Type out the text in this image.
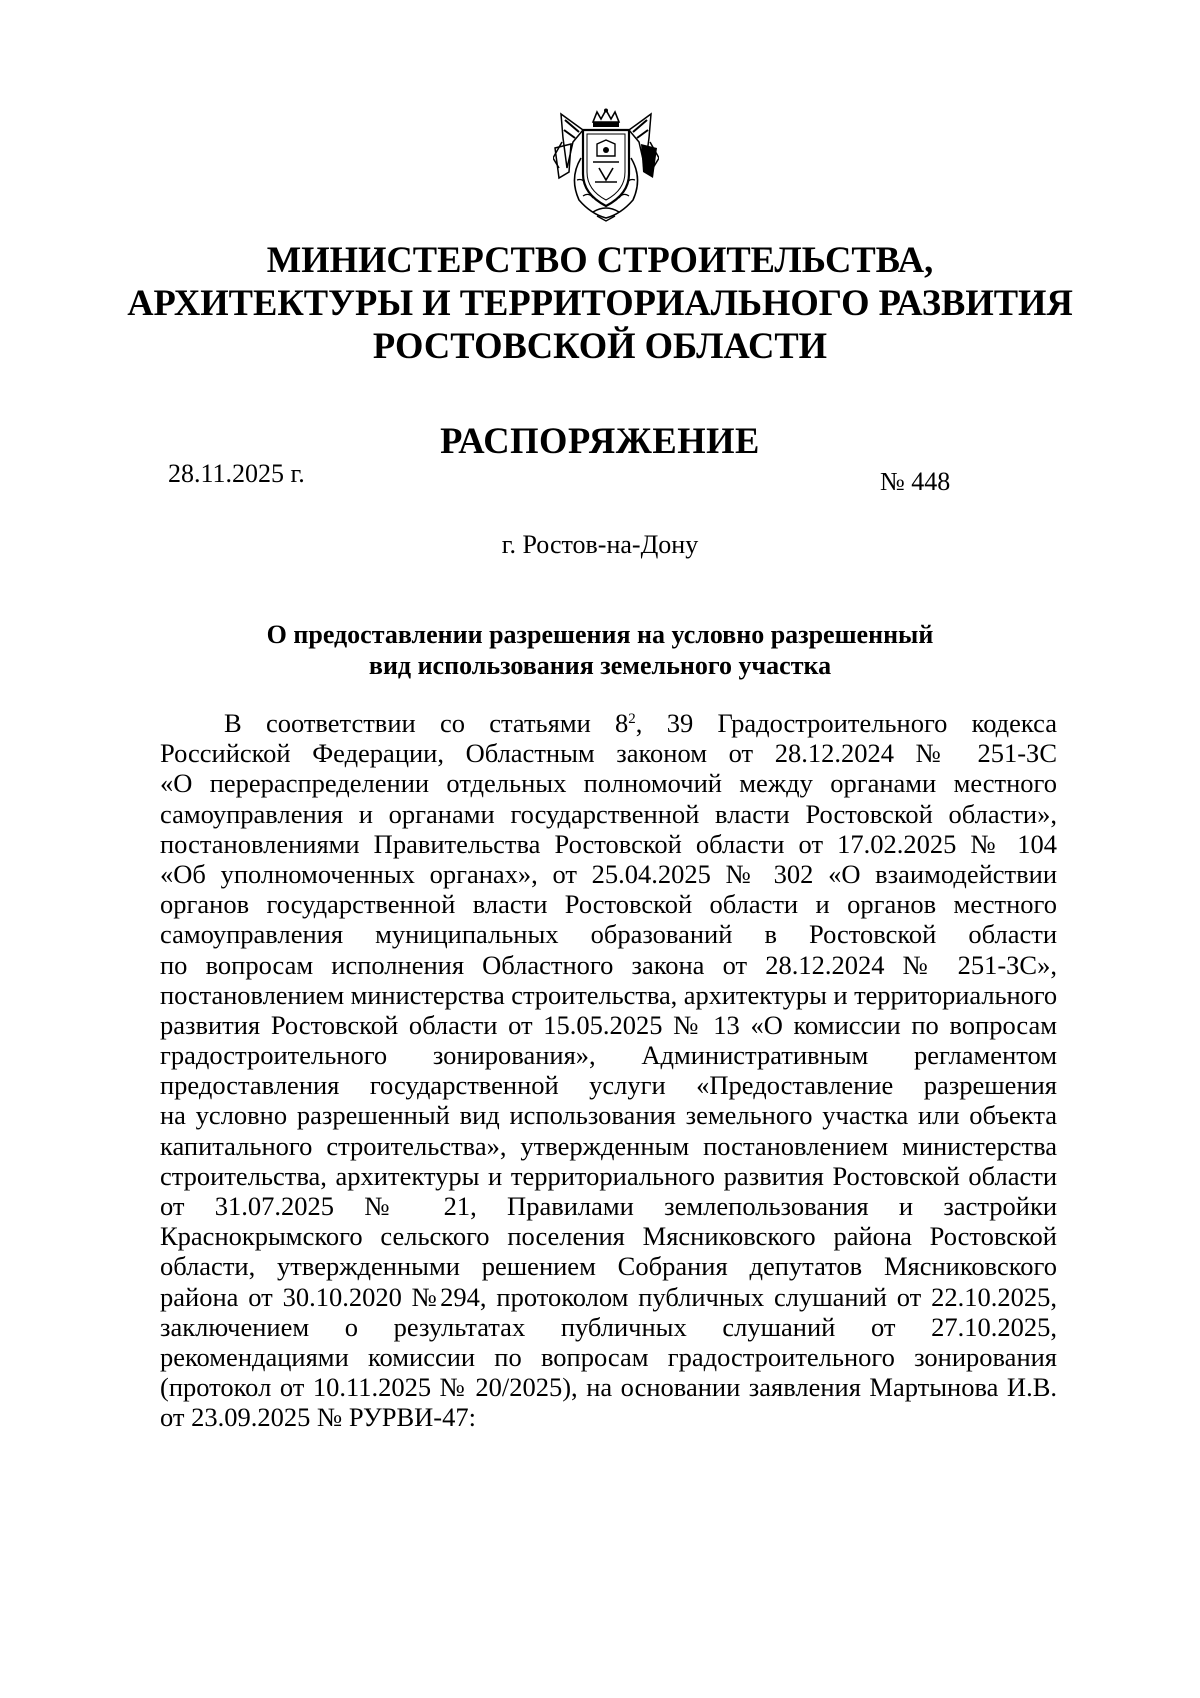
МИНИСТЕРСТВО СТРОИТЕЛЬСТВА,
АРХИТЕКТУРЫ И ТЕРРИТОРИАЛЬНОГО РАЗВИТИЯ
РОСТОВСКОЙ ОБЛАСТИ
РАСПОРЯЖЕНИЕ
28.11.2025 г.	№ 448
г. Ростов-на-Дону
О предоставлении разрешения на условно разрешенный
вид использования земельного участка
В соответствии со статьями $8^2$, 39 Градостроительного кодекса
Российской Федерации, Областным законом от 28.12.2024 № 251-ЗС
«О перераспределении отдельных полномочий между органами местного
самоуправления и органами государственной власти Ростовской области»,
постановлениями Правительства Ростовской области от 17.02.2025 № 104
«Об уполномоченных органах», от 25.04.2025 № 302 «О взаимодействии
органов государственной власти Ростовской области и органов местного
самоуправления муниципальных образований в Ростовской области
по вопросам исполнения Областного закона от 28.12.2024 № 251-ЗС»,
постановлением министерства строительства, архитектуры и территориального
развития Ростовской области от 15.05.2025 № 13 «О комиссии по вопросам
градостроительного зонирования», Административным регламентом
предоставления государственной услуги «Предоставление разрешения
на условно разрешенный вид использования земельного участка или объекта
капитального строительства», утвержденным постановлением министерства
строительства, архитектуры и территориального развития Ростовской области
от 31.07.2025 № 21, Правилами землепользования и застройки
Краснокрымского сельского поселения Мясниковского района Ростовской
области, утвержденными решением Собрания депутатов Мясниковского
района от 30.10.2020 №294, протоколом публичных слушаний от 22.10.2025,
заключением о результатах публичных слушаний от 27.10.2025,
рекомендациями комиссии по вопросам градостроительного зонирования
(протокол от 10.11.2025 № 20/2025), на основании заявления Мартынова И.В.
от 23.09.2025 № РУРВИ-47:
